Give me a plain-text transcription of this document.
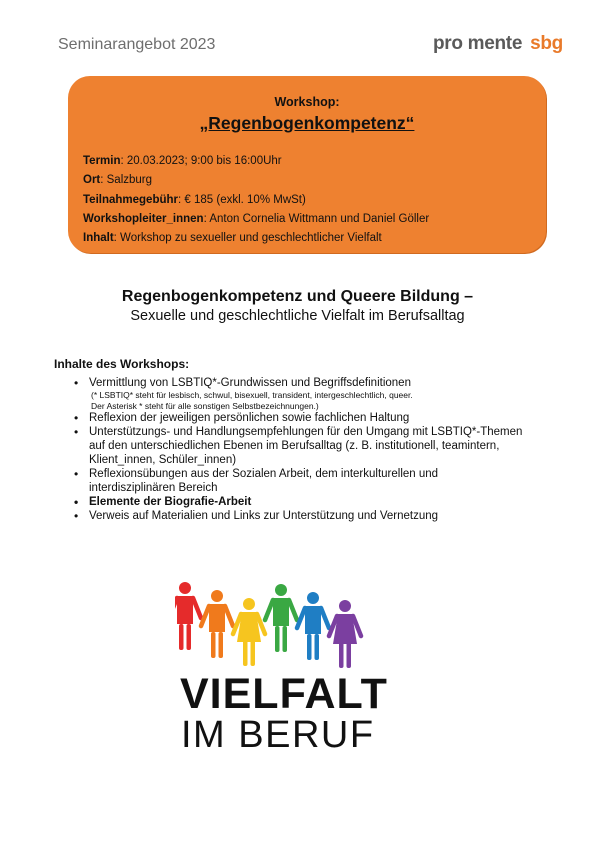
Seminarangebot 2023	pro mente sbg
Workshop:
„Regenbogenkompetenz“
Termin: 20.03.2023; 9:00 bis 16:00Uhr
Ort: Salzburg
Teilnahmegebühr: € 185 (exkl. 10% MwSt)
Workshopleiter_innen: Anton Cornelia Wittmann und Daniel Göller
Inhalt: Workshop zu sexueller und geschlechtlicher Vielfalt
Regenbogenkompetenz und Queere Bildung –
Sexuelle und geschlechtliche Vielfalt im Berufsalltag
Inhalte des Workshops:
• Vermittlung von LSBTIQ*-Grundwissen und Begriffsdefinitionen
(* LSBTIQ* steht für lesbisch, schwul, bisexuell, transident, intergeschlechtlich, queer.
Der Asterisk * steht für alle sonstigen Selbstbezeichnungen.)
• Reflexion der jeweiligen persönlichen sowie fachlichen Haltung
• Unterstützungs- und Handlungsempfehlungen für den Umgang mit LSBTIQ*-Themen auf den unterschiedlichen Ebenen im Berufsalltag (z. B. institutionell, teamintern, Klient_innen, Schüler_innen)
• Reflexionsübungen aus der Sozialen Arbeit, dem interkulturellen und interdisziplinären Bereich
• Elemente der Biografie-Arbeit
• Verweis auf Materialien und Links zur Unterstützung und Vernetzung
VIELFALT
IM BERUF
